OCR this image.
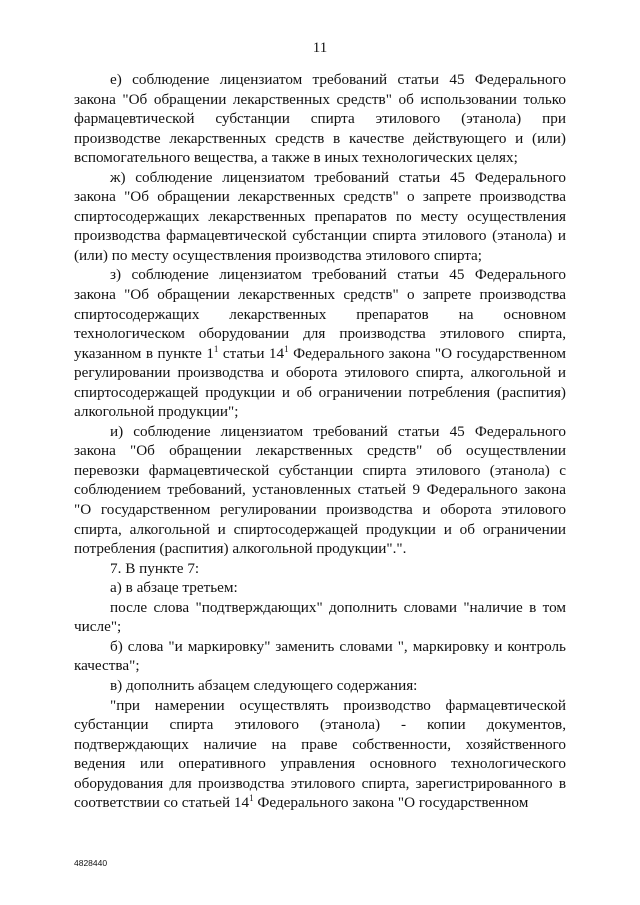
11

е) соблюдение лицензиатом требований статьи 45 Федерального закона "Об обращении лекарственных средств" об использовании только фармацевтической субстанции спирта этилового (этанола) при производстве лекарственных средств в качестве действующего и (или) вспомогательного вещества, а также в иных технологических целях;

ж) соблюдение лицензиатом требований статьи 45 Федерального закона "Об обращении лекарственных средств" о запрете производства спиртосодержащих лекарственных препаратов по месту осуществления производства фармацевтической субстанции спирта этилового (этанола) и (или) по месту осуществления производства этилового спирта;

з) соблюдение лицензиатом требований статьи 45 Федерального закона "Об обращении лекарственных средств" о запрете производства спиртосодержащих лекарственных препаратов на основном технологическом оборудовании для производства этилового спирта, указанном в пункте $1^1$ статьи $14^1$ Федерального закона "О государственном регулировании производства и оборота этилового спирта, алкогольной и спиртосодержащей продукции и об ограничении потребления (распития) алкогольной продукции";

и) соблюдение лицензиатом требований статьи 45 Федерального закона "Об обращении лекарственных средств" об осуществлении перевозки фармацевтической субстанции спирта этилового (этанола) с соблюдением требований, установленных статьей 9 Федерального закона "О государственном регулировании производства и оборота этилового спирта, алкогольной и спиртосодержащей продукции и об ограничении потребления (распития) алкогольной продукции".".

7. В пункте 7:

а) в абзаце третьем:

после слова "подтверждающих" дополнить словами "наличие в том числе";

б) слова "и маркировку" заменить словами ", маркировку и контроль качества";

в) дополнить абзацем следующего содержания:

"при намерении осуществлять производство фармацевтической субстанции спирта этилового (этанола) - копии документов, подтверждающих наличие на праве собственности, хозяйственного ведения или оперативного управления основного технологического оборудования для производства этилового спирта, зарегистрированного в соответствии со статьей $14^1$ Федерального закона "О государственном

4828440
